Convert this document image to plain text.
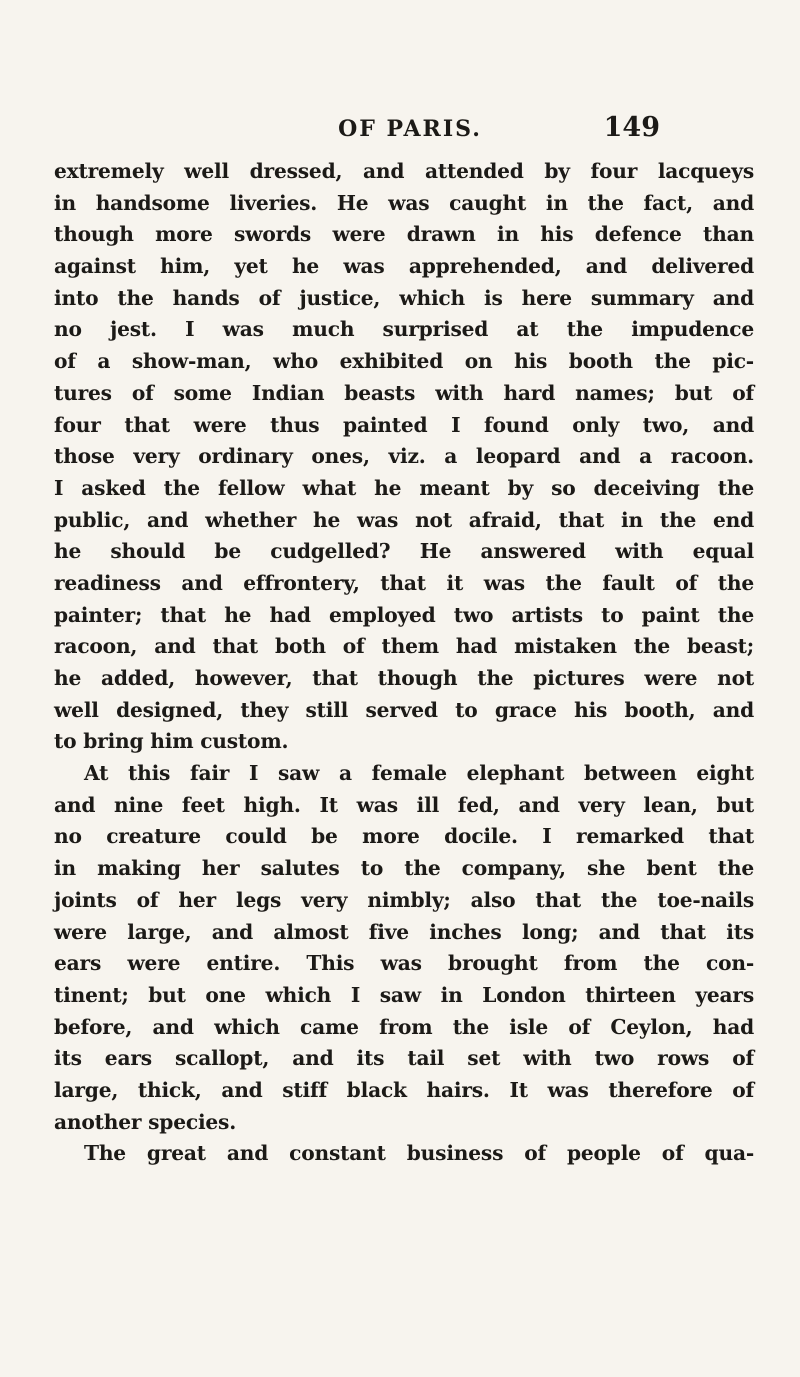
OF PARIS.	149
extremely well dressed, and attended by four lacqueys
in handsome liveries. He was caught in the fact, and
though more swords were drawn in his defence than
against him, yet he was apprehended, and delivered
into the hands of justice, which is here summary and
no jest. I was much surprised at the impudence
of a show-man, who exhibited on his booth the pic-
tures of some Indian beasts with hard names; but of
four that were thus painted I found only two, and
those very ordinary ones, viz. a leopard and a racoon.
I asked the fellow what he meant by so deceiving the
public, and whether he was not afraid, that in the end
he should be cudgelled? He answered with equal
readiness and effrontery, that it was the fault of the
painter; that he had employed two artists to paint the
racoon, and that both of them had mistaken the beast;
he added, however, that though the pictures were not
well designed, they still served to grace his booth, and
to bring him custom.
At this fair I saw a female elephant between eight
and nine feet high. It was ill fed, and very lean, but
no creature could be more docile. I remarked that
in making her salutes to the company, she bent the
joints of her legs very nimbly; also that the toe-nails
were large, and almost five inches long; and that its
ears were entire. This was brought from the con-
tinent; but one which I saw in London thirteen years
before, and which came from the isle of Ceylon, had
its ears scallopt, and its tail set with two rows of
large, thick, and stiff black hairs. It was therefore of
another species.
The great and constant business of people of qua-
